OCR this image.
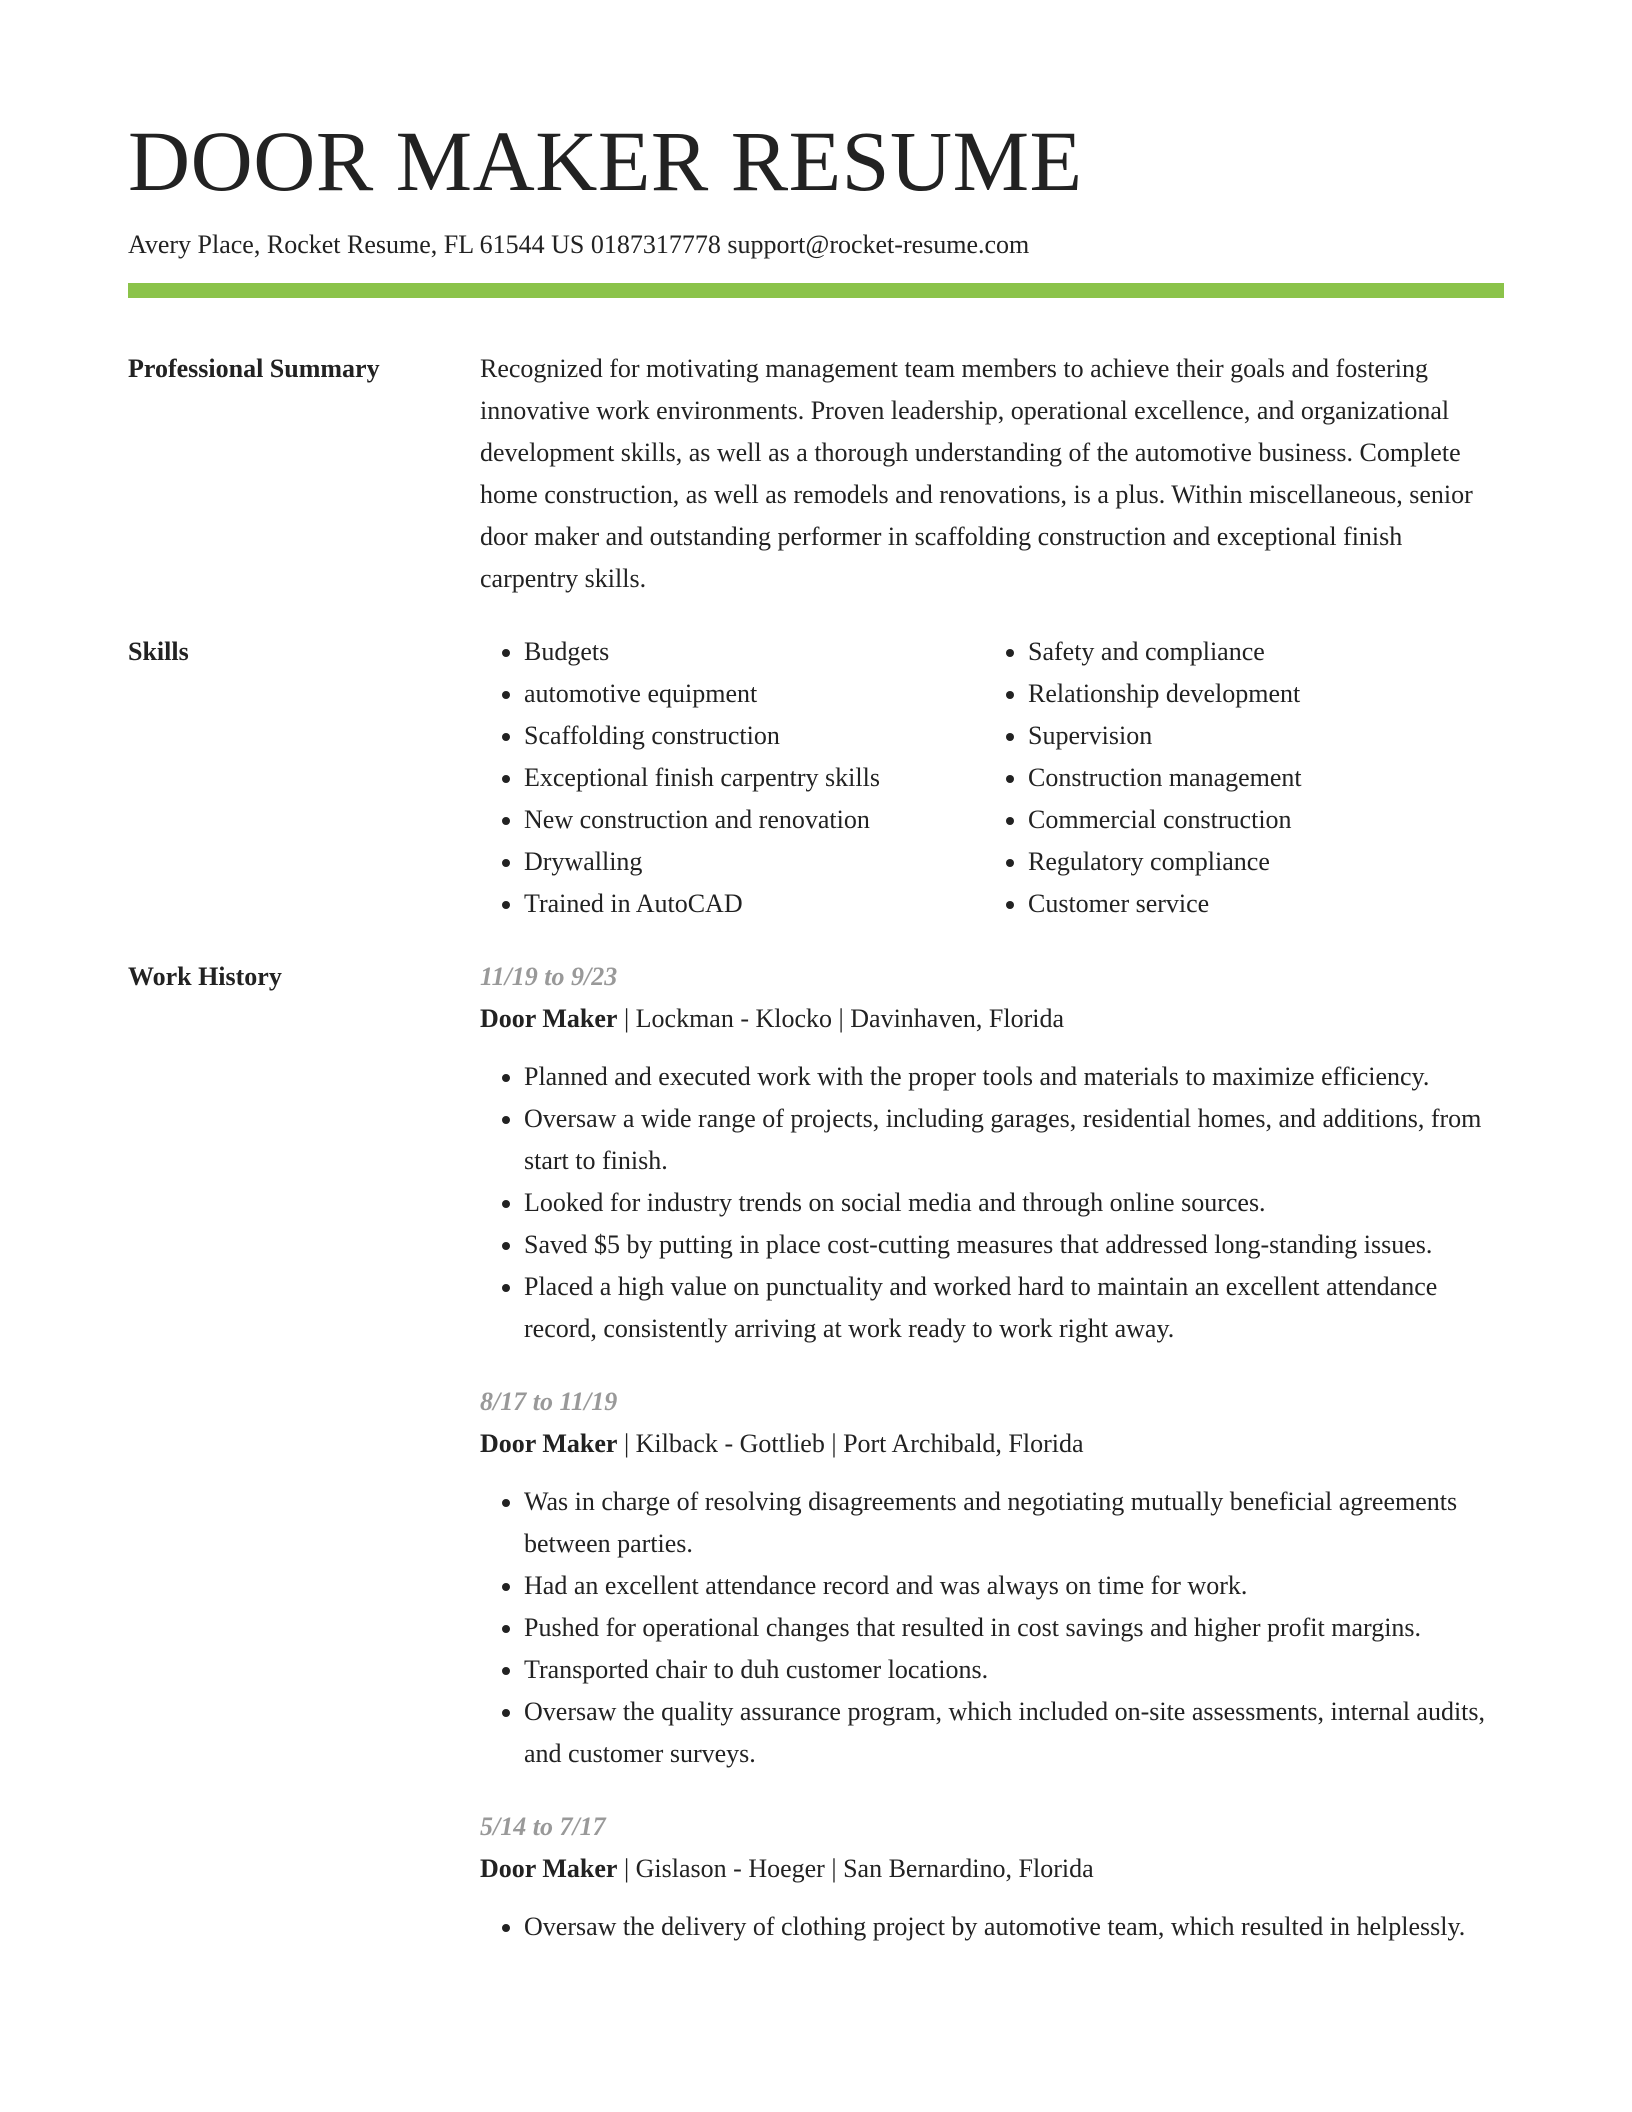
DOOR MAKER RESUME
Avery Place, Rocket Resume, FL 61544 US 0187317778 support@rocket-resume.com
Professional Summary	Recognized for motivating management team members to achieve their goals and fostering innovative work environments. Proven leadership, operational excellence, and organizational development skills, as well as a thorough understanding of the automotive business. Complete home construction, as well as remodels and renovations, is a plus. Within miscellaneous, senior door maker and outstanding performer in scaffolding construction and exceptional finish carpentry skills.
Skills
•	Budgets
• automotive equipment
• Scaffolding construction
• Exceptional finish carpentry skills
• New construction and renovation
• Drywalling
• Trained in AutoCAD
• Safety and compliance
• Relationship development
• Supervision
• Construction management
• Commercial construction
• Regulatory compliance
• Customer service
Work History	11/19 to 9/23
Door Maker | Lockman - Klocko | Davinhaven, Florida
• Planned and executed work with the proper tools and materials to maximize efficiency.
• Oversaw a wide range of projects, including garages, residential homes, and additions, from start to finish.
• Looked for industry trends on social media and through online sources.
• Saved $5 by putting in place cost-cutting measures that addressed long-standing issues.
• Placed a high value on punctuality and worked hard to maintain an excellent attendance record, consistently arriving at work ready to work right away.
8/17 to 11/19
Door Maker | Kilback - Gottlieb | Port Archibald, Florida
• Was in charge of resolving disagreements and negotiating mutually beneficial agreements between parties.
• Had an excellent attendance record and was always on time for work.
• Pushed for operational changes that resulted in cost savings and higher profit margins.
• Transported chair to duh customer locations.
• Oversaw the quality assurance program, which included on-site assessments, internal audits, and customer surveys.
5/14 to 7/17
Door Maker | Gislason - Hoeger | San Bernardino, Florida
• Oversaw the delivery of clothing project by automotive team, which resulted in helplessly.
